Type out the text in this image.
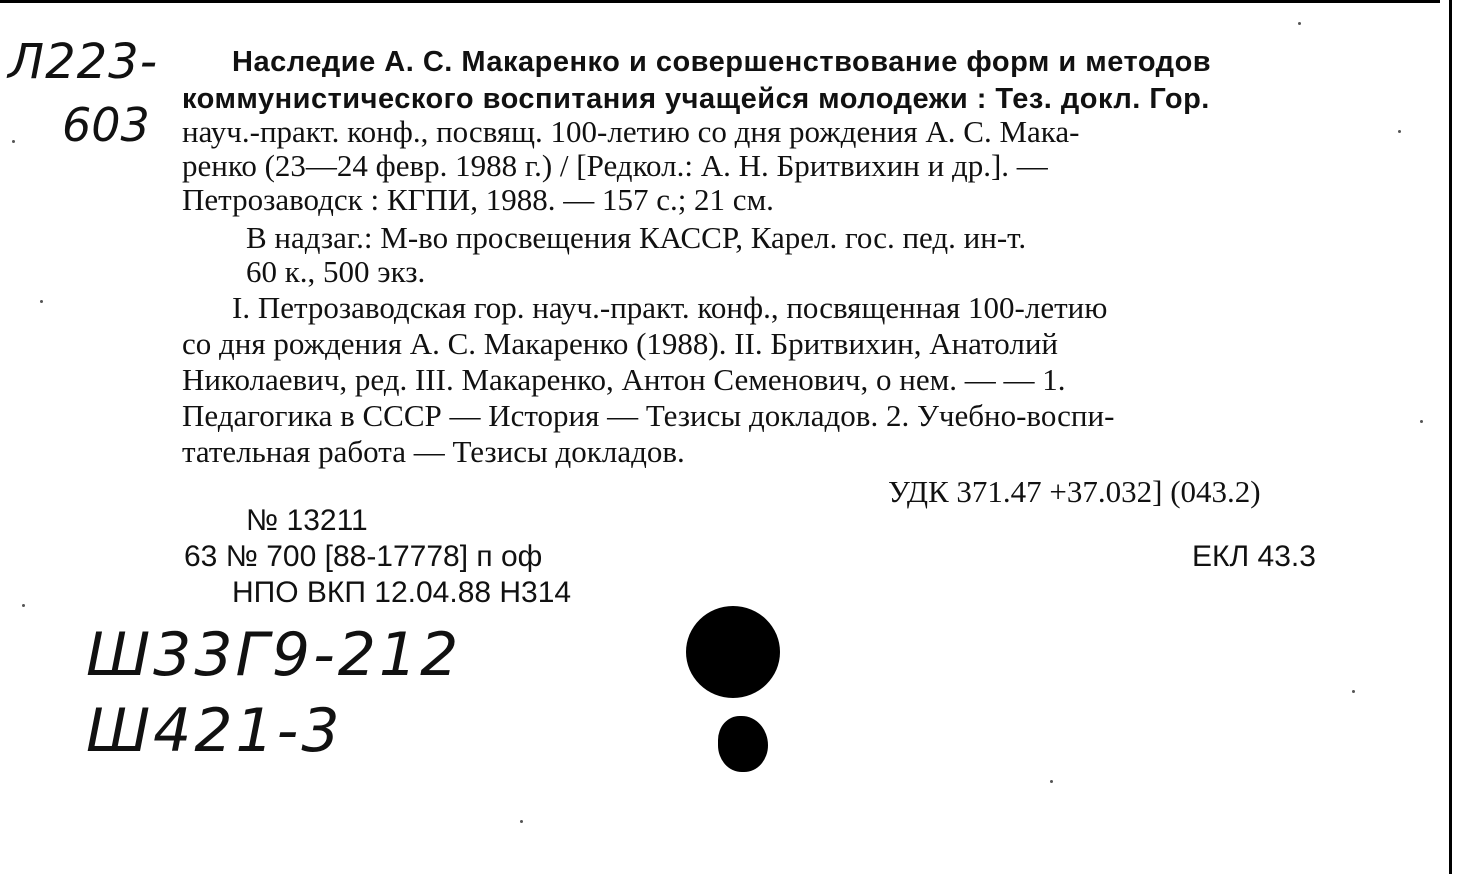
Л223-
603
Наследие А. С. Макаренко и совершенствование форм и методов
коммунистического воспитания учащейся молодежи : Тез. докл. Гор.
науч.-практ. конф., посвящ. 100-летию со дня рождения А. С. Мака-
ренко (23—24 февр. 1988 г.) / [Редкол.: А. Н. Бритвихин и др.]. —
Петрозаводск : КГПИ, 1988. — 157 с.; 21 см.
В надзаг.: М-во просвещения КАССР, Карел. гос. пед. ин-т.
60 к., 500 экз.
I. Петрозаводская гор. науч.-практ. конф., посвященная 100-летию
со дня рождения А. С. Макаренко (1988). II. Бритвихин, Анатолий
Николаевич, ред. III. Макаренко, Антон Семенович, о нем. — — 1.
Педагогика в СССР — История — Тезисы докладов. 2. Учебно-воспи-
тательная работа — Тезисы докладов.
УДК 371.47 +37.032] (043.2)
№ 13211
63 № 700 [88-17778] п оф
НПО ВКП 12.04.88 Н314
ЕКЛ 43.3
Ш33Г9-212
Ш421-3
